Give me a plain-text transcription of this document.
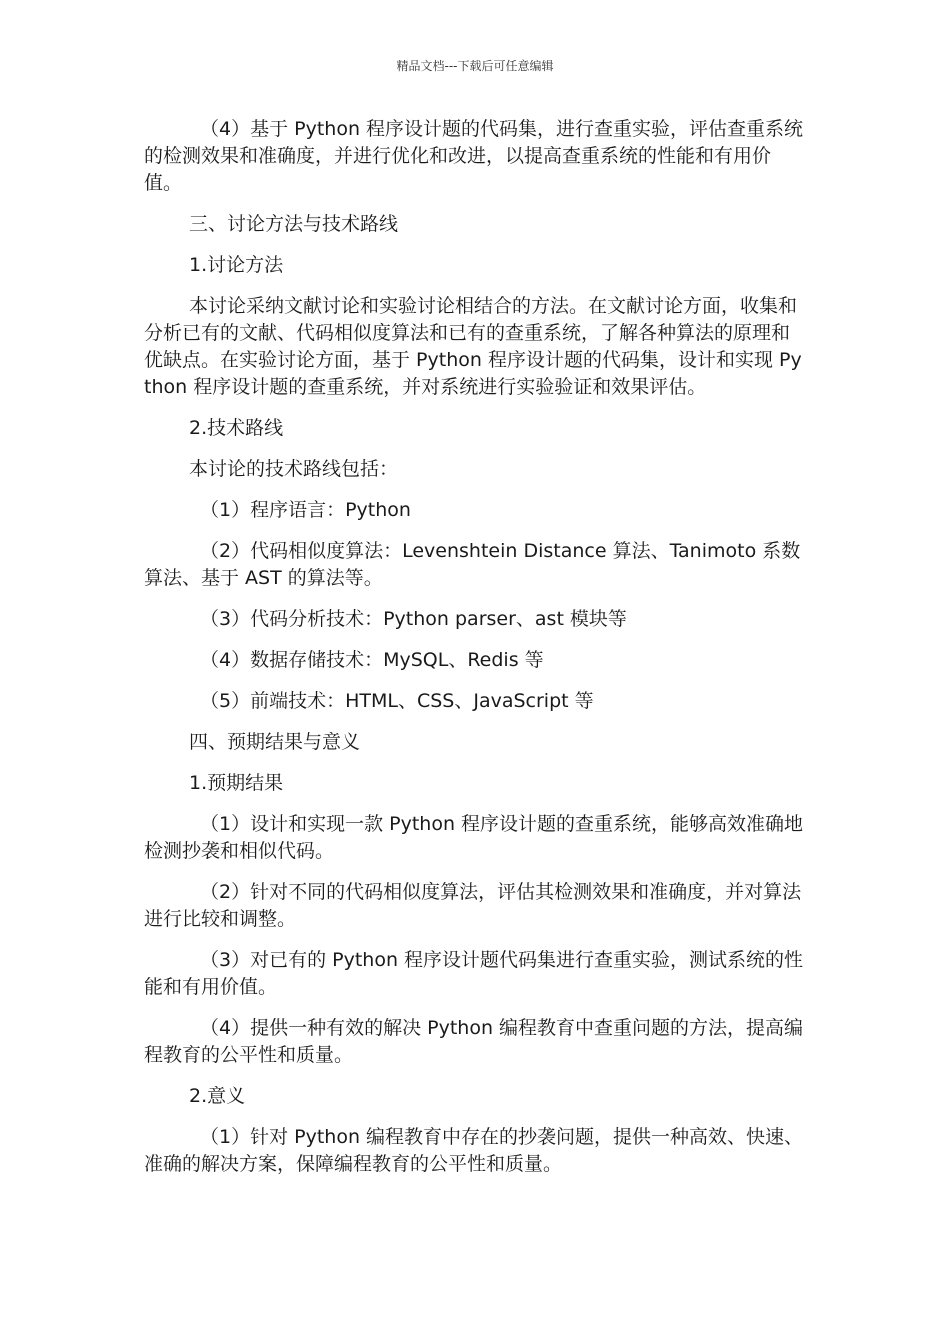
精品文档---下载后可任意编辑

（4）基于 Python 程序设计题的代码集，进行查重实验，评估查重系统的检测效果和准确度，并进行优化和改进，以提高查重系统的性能和有用价值。

三、讨论方法与技术路线

1.讨论方法

本讨论采纳文献讨论和实验讨论相结合的方法。在文献讨论方面，收集和分析已有的文献、代码相似度算法和已有的查重系统，了解各种算法的原理和优缺点。在实验讨论方面，基于 Python 程序设计题的代码集，设计和实现 Python 程序设计题的查重系统，并对系统进行实验验证和效果评估。

2.技术路线

本讨论的技术路线包括：

（1）程序语言：Python

（2）代码相似度算法：Levenshtein Distance 算法、Tanimoto 系数算法、基于 AST 的算法等。

（3）代码分析技术：Python parser、ast 模块等

（4）数据存储技术：MySQL、Redis 等

（5）前端技术：HTML、CSS、JavaScript 等

四、预期结果与意义

1.预期结果

（1）设计和实现一款 Python 程序设计题的查重系统，能够高效准确地检测抄袭和相似代码。

（2）针对不同的代码相似度算法，评估其检测效果和准确度，并对算法进行比较和调整。

（3）对已有的 Python 程序设计题代码集进行查重实验，测试系统的性能和有用价值。

（4）提供一种有效的解决 Python 编程教育中查重问题的方法，提高编程教育的公平性和质量。

2.意义

（1）针对 Python 编程教育中存在的抄袭问题，提供一种高效、快速、准确的解决方案，保障编程教育的公平性和质量。
